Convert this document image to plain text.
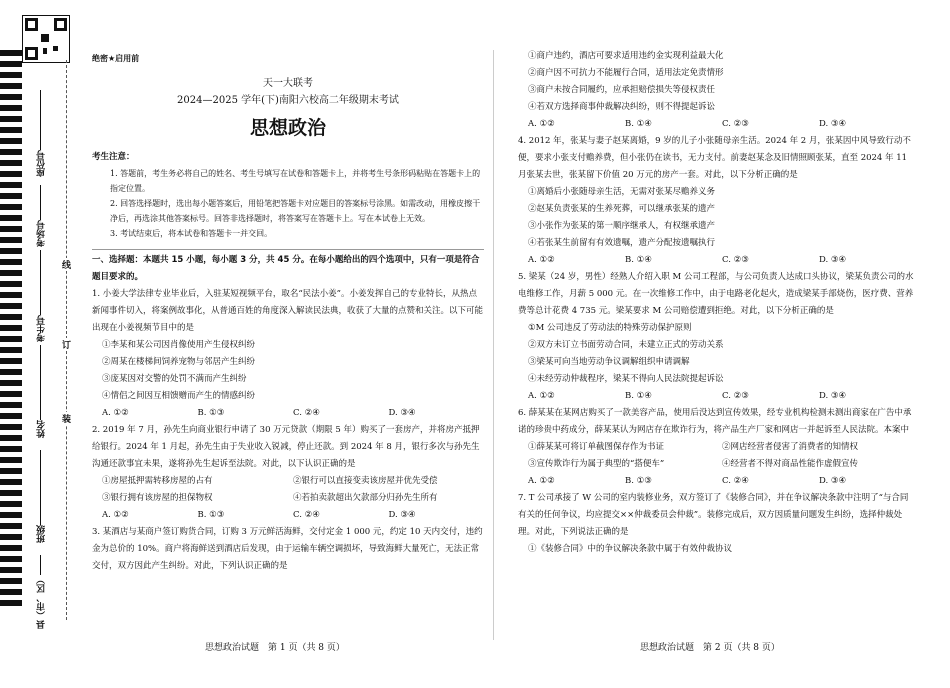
座位号
考场号
考生号
姓名
班级
县（市、区）
线
订
装

绝密★启用前

天一大联考

2024—2025 学年(下)南阳六校高二年级期末考试

思想政治

考生注意：

1. 答题前，考生务必将自己的姓名、考生号填写在试卷和答题卡上，并将考生号条形码粘贴在答题卡上的指定位置。

2. 回答选择题时，选出每小题答案后，用铅笔把答题卡对应题目的答案标号涂黑。如需改动，用橡皮擦干净后，再选涂其他答案标号。回答非选择题时，将答案写在答题卡上。写在本试卷上无效。

3. 考试结束后，将本试卷和答题卡一并交回。

一、选择题：本题共 15 小题，每小题 3 分，共 45 分。在每小题给出的四个选项中，只有一项是符合题目要求的。

1. 小姜大学法律专业毕业后，入驻某短视频平台，取名“民法小姜”。小姜发挥自己的专业特长，从热点新闻事件切入，将案例故事化，从普通百姓的角度深入解读民法典，收获了大量的点赞和关注。以下可能出现在小姜视频节目中的是

①李某和某公司因肖像使用产生侵权纠纷

②周某在楼梯间饲养宠物与邻居产生纠纷

③庞某因对交警的处罚不满而产生纠纷

④情侣之间因互相馈赠而产生的情感纠纷

A. ①②	B. ①③	C. ②④	D. ③④

2. 2019 年 7 月，孙先生向商业银行申请了 30 万元贷款（期限 5 年）购买了一套房产，并将房产抵押给银行。2024 年 1 月起，孙先生由于失业收入锐减，停止还款。到 2024 年 8 月，银行多次与孙先生沟通还款事宜未果，遂将孙先生起诉至法院。对此，以下认识正确的是

①房屋抵押需转移房屋的占有	②银行可以直接变卖该房屋并优先受偿
③银行拥有该房屋的担保物权	④若拍卖款超出欠款部分归孙先生所有
A. ①②	B. ①③	C. ②④	D. ③④

3. 某酒店与某商户签订购货合同，订购 3 万元鲜活海鲜，交付定金 1 000 元，约定 10 天内交付，违约金为总价的 10%。商户将海鲜送到酒店后发现，由于运输车辆空调损坏，导致海鲜大量死亡，无法正常交付，双方因此产生纠纷。对此，下列认识正确的是

思想政治试题　第 1 页（共 8 页）

①商户违约，酒店可要求适用违约金实现利益最大化

②商户因不可抗力不能履行合同，适用法定免责情形

③商户未按合同履约，应承担赔偿损失等侵权责任

④若双方选择商事仲裁解决纠纷，则不得提起诉讼

A. ①②	B. ①④	C. ②③	D. ③④

4. 2012 年，张某与妻子赵某离婚，9 岁的儿子小张随母亲生活。2024 年 2 月，张某因中风导致行动不便，要求小张支付赡养费，但小张仍在读书，无力支付。前妻赵某念及旧情照顾张某，直至 2024 年 11 月张某去世，张某留下价值 20 万元的房产一套。对此，以下分析正确的是

①离婚后小张随母亲生活，无需对张某尽赡养义务

②赵某负责张某的生养死葬，可以继承张某的遗产

③小张作为张某的第一顺序继承人，有权继承遗产

④若张某生前留有有效遗嘱，遗产分配按遗嘱执行

A. ①②	B. ①④	C. ②③	D. ③④

5. 梁某（24 岁，男性）经熟人介绍入职 M 公司工程部，与公司负责人达成口头协议，梁某负责公司的水电维修工作，月薪 5 000 元。在一次维修工作中，由于电路老化起火，造成梁某手部烧伤，医疗费、营养费等总计花费 4 735 元。梁某要求 M 公司赔偿遭到拒绝。对此，以下分析正确的是

①M 公司违反了劳动法的特殊劳动保护原则

②双方未订立书面劳动合同，未建立正式的劳动关系

③梁某可向当地劳动争议调解组织申请调解

④未经劳动仲裁程序，梁某不得向人民法院提起诉讼

A. ①②	B. ①④	C. ②③	D. ③④

6. 薛某某在某网店购买了一款美容产品，使用后没达到宣传效果，经专业机构检测未测出商家在广告中承诺的珍贵中药成分，薛某某认为网店存在欺诈行为，将产品生产厂家和网店一并起诉至人民法院。本案中

①薛某某可将订单截图保存作为书证	②网店经营者侵害了消费者的知情权
③宣传欺诈行为属于典型的“搭便车”	④经营者不得对商品性能作虚假宣传
A. ①②	B. ①③	C. ②④	D. ③④

7. T 公司承接了 W 公司的室内装修业务，双方签订了《装修合同》，并在争议解决条款中注明了“与合同有关的任何争议，均应提交××仲裁委员会仲裁”。装修完成后，双方因质量问题发生纠纷，选择仲裁处理。对此，下列说法正确的是

①《装修合同》中的争议解决条款中属于有效仲裁协议

思想政治试题　第 2 页（共 8 页）
